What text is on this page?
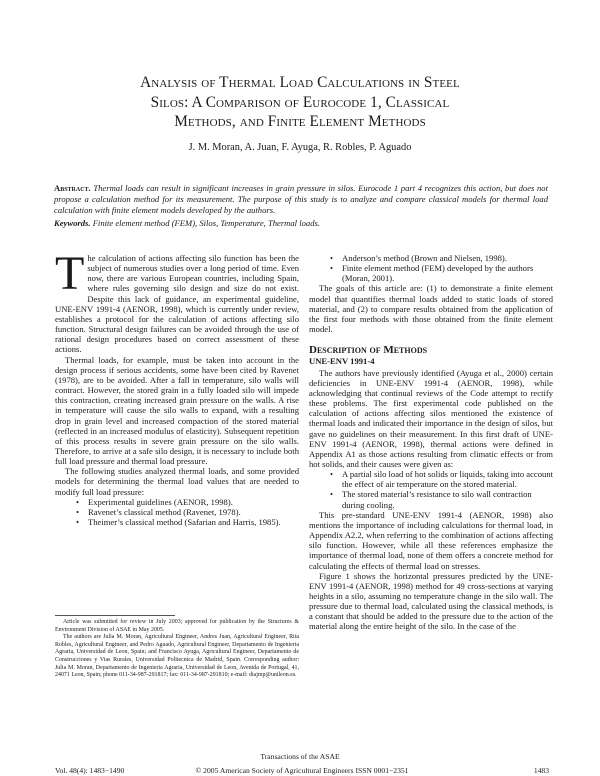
Analysis of Thermal Load Calculations in Steel
Silos: A Comparison of Eurocode 1, Classical
Methods, and Finite Element Methods
J. M. Moran, A. Juan, F. Ayuga, R. Robles, P. Aguado
Abstract. Thermal loads can result in significant increases in grain pressure in silos. Eurocode 1 part 4 recognizes this action, but does not propose a calculation method for its measurement. The purpose of this study is to analyze and compare classical models for thermal load calculation with finite element models developed by the authors.
Keywords. Finite element method (FEM), Silos, Temperature, Thermal loads.

The calculation of actions affecting silo function has been the subject of numerous studies over a long period of time. Even now, there are various European countries, including Spain, where rules governing silo design and size do not exist. Despite this lack of guidance, an experimental guideline, UNE-ENV 1991-4 (AENOR, 1998), which is currently under review, establishes a protocol for the calculation of actions affecting silo function. Structural design failures can be avoided through the use of rational design procedures based on correct assessment of these actions.

Thermal loads, for example, must be taken into account in the design process if serious accidents, some have been cited by Ravenet (1978), are to be avoided. After a fall in temperature, silo walls will contract. However, the stored grain in a fully loaded silo will impede this contraction, creating increased grain pressure on the walls. A rise in temperature will cause the silo walls to expand, with a resulting drop in grain level and increased compaction of the stored material (reflected in an increased modulus of elasticity). Subsequent repetition of this process results in severe grain pressure on the silo walls. Therefore, to arrive at a safe silo design, it is necessary to include both full load pressure and thermal load pressure.

The following studies analyzed thermal loads, and some provided models for determining the thermal load values that are needed to modify full load pressure:

• Experimental guidelines (AENOR, 1998).
• Ravenet’s classical method (Ravenet, 1978).
• Theimer’s classical method (Safarian and Harris, 1985).

Article was submitted for review in July 2003; approved for publication by the Structures & Environment Division of ASAE in May 2005.

The authors are Julia M. Moran, Agricultural Engineer, Andres Juan, Agricultural Engineer, Rita Robles, Agricultural Engineer, and Pedro Aguado, Agricultural Engineer, Departamento de Ingenieria Agraria, Universidad de Leon, Spain; and Francisco Ayuga, Agricultural Engineer, Departamento de Construcciones y Vias Rurales, Universidad Politecnica de Madrid, Spain. Corresponding author: Julia M. Moran, Departamento de Ingenieria Agraria, Universidad de Leon, Avenida de Portugal, 41, 24071 Leon, Spain; phone 011-34-987-291817; fax: 011-34-987-291810; e-mail: diajmp@unileon.es.

• Anderson’s method (Brown and Nielsen, 1998).
• Finite element method (FEM) developed by the authors (Moran, 2001).

The goals of this article are: (1) to demonstrate a finite element model that quantifies thermal loads added to static loads of stored material, and (2) to compare results obtained from the application of the first four methods with those obtained from the finite element model.

Description of Methods
UNE-ENV 1991-4

The authors have previously identified (Ayuga et al., 2000) certain deficiencies in UNE-ENV 1991-4 (AENOR, 1998), while acknowledging that continual reviews of the Code attempt to rectify these problems. The first experimental code published on the calculation of actions affecting silos mentioned the existence of thermal loads and indicated their importance in the design of silos, but gave no guidelines on their measurement. In this first draft of UNE-ENV 1991-4 (AENOR, 1998), thermal actions were defined in Appendix A1 as those actions resulting from climatic effects or from hot solids, and their causes were given as:

• A partial silo load of hot solids or liquids, taking into account the effect of air temperature on the stored material.
• The stored material’s resistance to silo wall contraction during cooling.

This pre-standard UNE-ENV 1991-4 (AENOR, 1998) also mentions the importance of including calculations for thermal load, in Appendix A2.2, when referring to the combination of actions affecting silo function. However, while all these references emphasize the importance of thermal load, none of them offers a concrete method for calculating the effects of thermal load on stresses.

Figure 1 shows the horizontal pressures predicted by the UNE-ENV 1991-4 (AENOR, 1998) method for 49 cross-sections at varying heights in a silo, assuming no temperature change in the silo wall. The pressure due to thermal load, calculated using the classical methods, is a constant that should be added to the pressure due to the action of the material along the entire height of the silo. In the case of the

Transactions of the ASAE
Vol. 48(4): 1483−1490	© 2005 American Society of Agricultural Engineers ISSN 0001−2351	1483
